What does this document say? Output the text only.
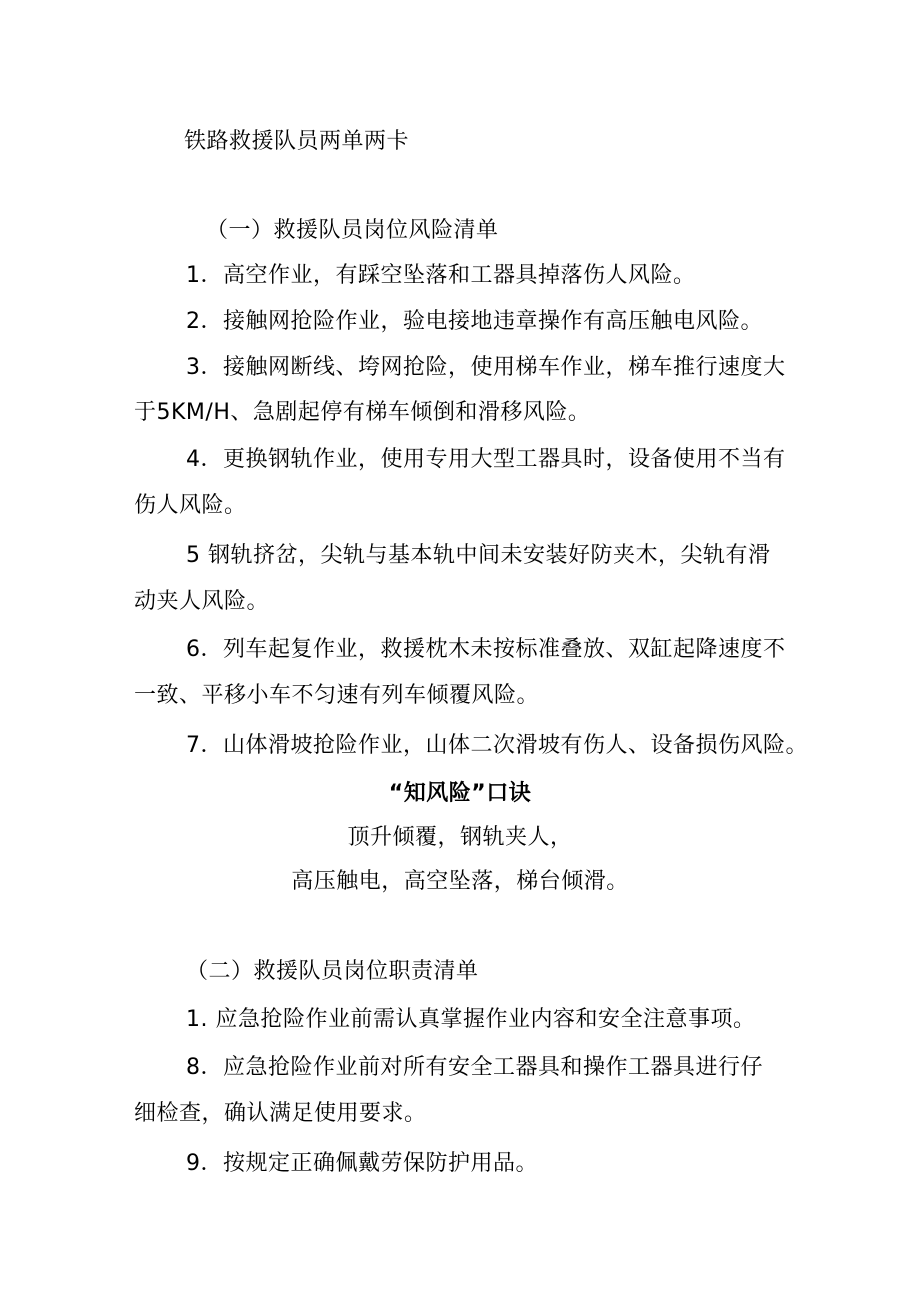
铁路救援队员两单两卡
（一）救援队员岗位风险清单
1．高空作业，有踩空坠落和工器具掉落伤人风险。
2．接触网抢险作业，验电接地违章操作有高压触电风险。
3．接触网断线、垮网抢险，使用梯车作业，梯车推行速度大
于5KM/H、急剧起停有梯车倾倒和滑移风险。
4．更换钢轨作业，使用专用大型工器具时，设备使用不当有
伤人风险。
5 钢轨挤岔，尖轨与基本轨中间未安装好防夹木，尖轨有滑
动夹人风险。
6．列车起复作业，救援枕木未按标准叠放、双缸起降速度不
一致、平移小车不匀速有列车倾覆风险。
7．山体滑坡抢险作业，山体二次滑坡有伤人、设备损伤风险。
“知风险”口诀
顶升倾覆，钢轨夹人，
高压触电，高空坠落，梯台倾滑。
（二）救援队员岗位职责清单
1. 应急抢险作业前需认真掌握作业内容和安全注意事项。
8．应急抢险作业前对所有安全工器具和操作工器具进行仔
细检查，确认满足使用要求。
9．按规定正确佩戴劳保防护用品。
